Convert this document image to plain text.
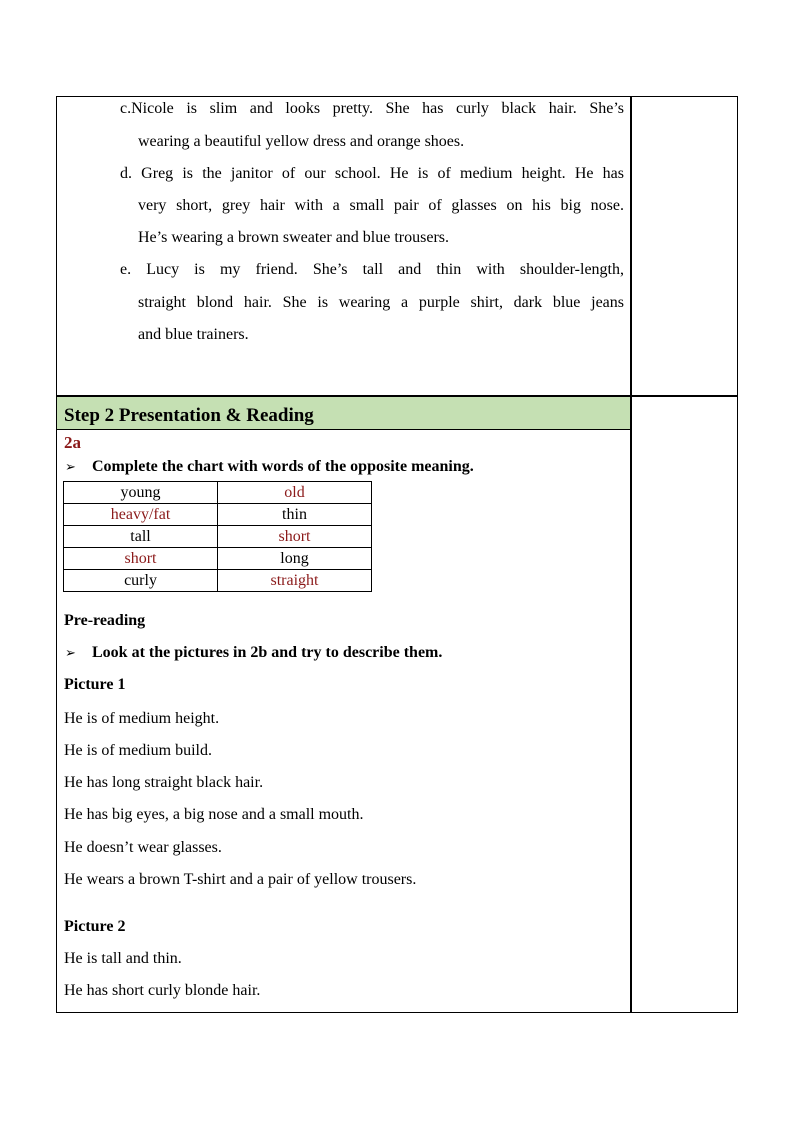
c.Nicole is slim and looks pretty. She has curly black hair. She’s
wearing a beautiful yellow dress and orange shoes.
d. Greg is the janitor of our school. He is of medium height. He has
very short, grey hair with a small pair of glasses on his big nose.
He’s wearing a brown sweater and blue trousers.
e. Lucy is my friend. She’s tall and thin with shoulder-length,
straight blond hair. She is wearing a purple shirt, dark blue jeans
and blue trainers.
Step 2 Presentation & Reading
2a
➢ Complete the chart with words of the opposite meaning.
young	old
heavy/fat	thin
tall	short
short	long
curly	straight
Pre-reading
➢ Look at the pictures in 2b and try to describe them.
Picture 1
He is of medium height.
He is of medium build.
He has long straight black hair.
He has big eyes, a big nose and a small mouth.
He doesn’t wear glasses.
He wears a brown T-shirt and a pair of yellow trousers.
Picture 2
He is tall and thin.
He has short curly blonde hair.
